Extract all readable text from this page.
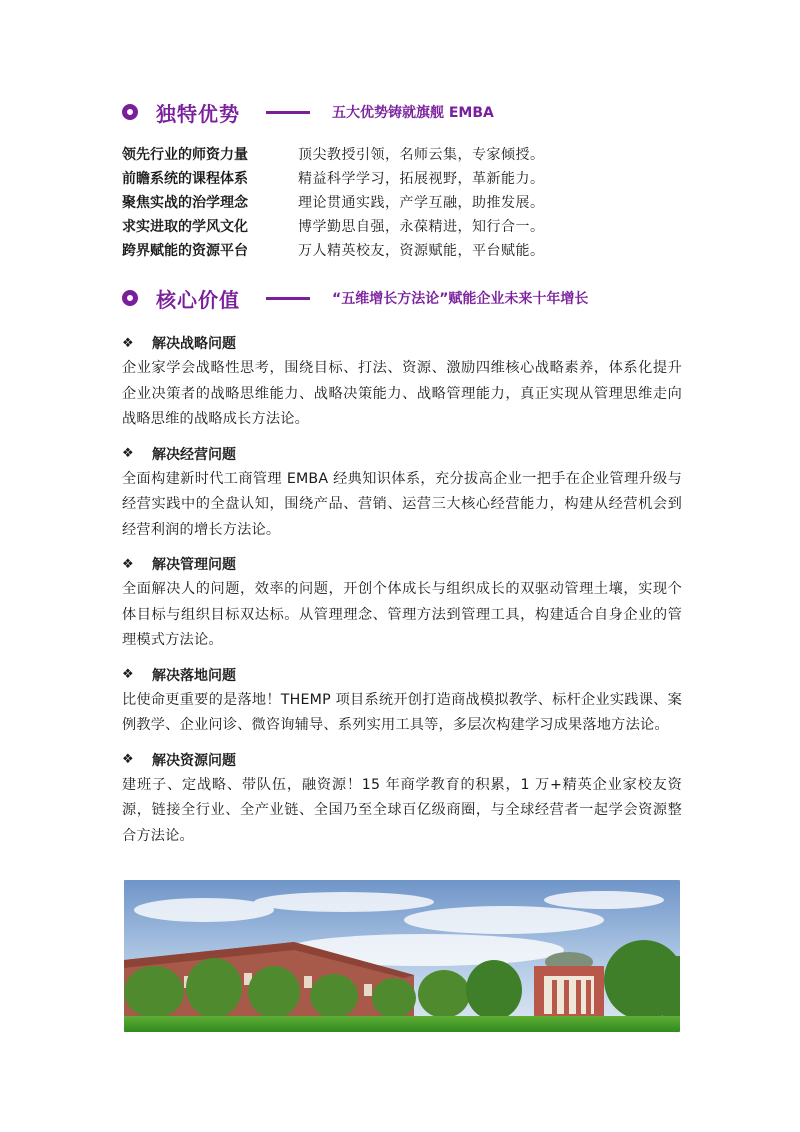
独特优势	五大优势铸就旗舰 EMBA
领先行业的师资力量	顶尖教授引领，名师云集，专家倾授。
前瞻系统的课程体系	精益科学学习，拓展视野，革新能力。
聚焦实战的治学理念	理论贯通实践，产学互融，助推发展。
求实进取的学风文化	博学勤思自强，永葆精进，知行合一。
跨界赋能的资源平台	万人精英校友，资源赋能，平台赋能。
核心价值	“五维增长方法论”赋能企业未来十年增长
❖	解决战略问题
企业家学会战略性思考，围绕目标、打法、资源、激励四维核心战略素养，体系化提升企业决策者的战略思维能力、战略决策能力、战略管理能力，真正实现从管理思维走向战略思维的战略成长方法论。
❖	解决经营问题
全面构建新时代工商管理 EMBA 经典知识体系，充分拔高企业一把手在企业管理升级与经营实践中的全盘认知，围绕产品、营销、运营三大核心经营能力，构建从经营机会到经营利润的增长方法论。
❖	解决管理问题
全面解决人的问题，效率的问题，开创个体成长与组织成长的双驱动管理土壤，实现个体目标与组织目标双达标。从管理理念、管理方法到管理工具，构建适合自身企业的管理模式方法论。
❖	解决落地问题
比使命更重要的是落地！THEMP 项目系统开创打造商战模拟教学、标杆企业实践课、案例教学、企业问诊、微咨询辅导、系列实用工具等，多层次构建学习成果落地方法论。
❖	解决资源问题
建班子、定战略、带队伍，融资源！15 年商学教育的积累，1 万+精英企业家校友资源，链接全行业、全产业链、全国乃至全球百亿级商圈，与全球经营者一起学会资源整合方法论。
